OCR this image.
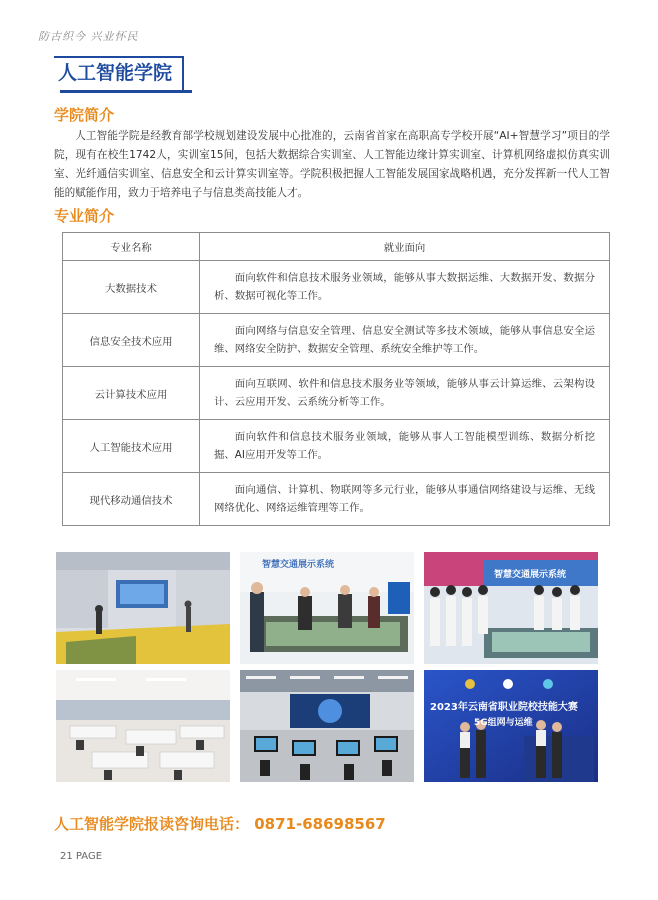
防古织今 兴业怀民
人工智能学院
学院简介

人工智能学院是经教育部学校规划建设发展中心批准的，云南省首家在高职高专学校开展“AI+智慧学习”项目的学院，现有在校生1742人，实训室15间，包括大数据综合实训室、人工智能边缘计算实训室、计算机网络虚拟仿真实训室、光纤通信实训室、信息安全和云计算实训室等。学院积极把握人工智能发展国家战略机遇，充分发挥新一代人工智能的赋能作用，致力于培养电子与信息类高技能人才。

专业简介
专业名称	就业面向
大数据技术	面向软件和信息技术服务业领域，能够从事大数据运维、大数据开发、数据分析、数据可视化等工作。

信息安全技术应用	面向网络与信息安全管理、信息安全测试等多技术领域，能够从事信息安全运维、网络安全防护、数据安全管理、系统安全维护等工作。

云计算技术应用	面向互联网、软件和信息技术服务业等领域，能够从事云计算运维、云架构设计、云应用开发、云系统分析等工作。

人工智能技术应用	面向软件和信息技术服务业领域，能够从事人工智能模型训练、数据分析挖掘、AI应用开发等工作。

现代移动通信技术	面向通信、计算机、物联网等多元行业，能够从事通信网络建设与运维、无线网络优化、网络运维管理等工作。
智慧交通展示系统
智慧交通展示系统
2023年云南省职业院校技能大赛
5G组网与运维
人工智能学院报读咨询电话： 0871-68698567
21 PAGE
